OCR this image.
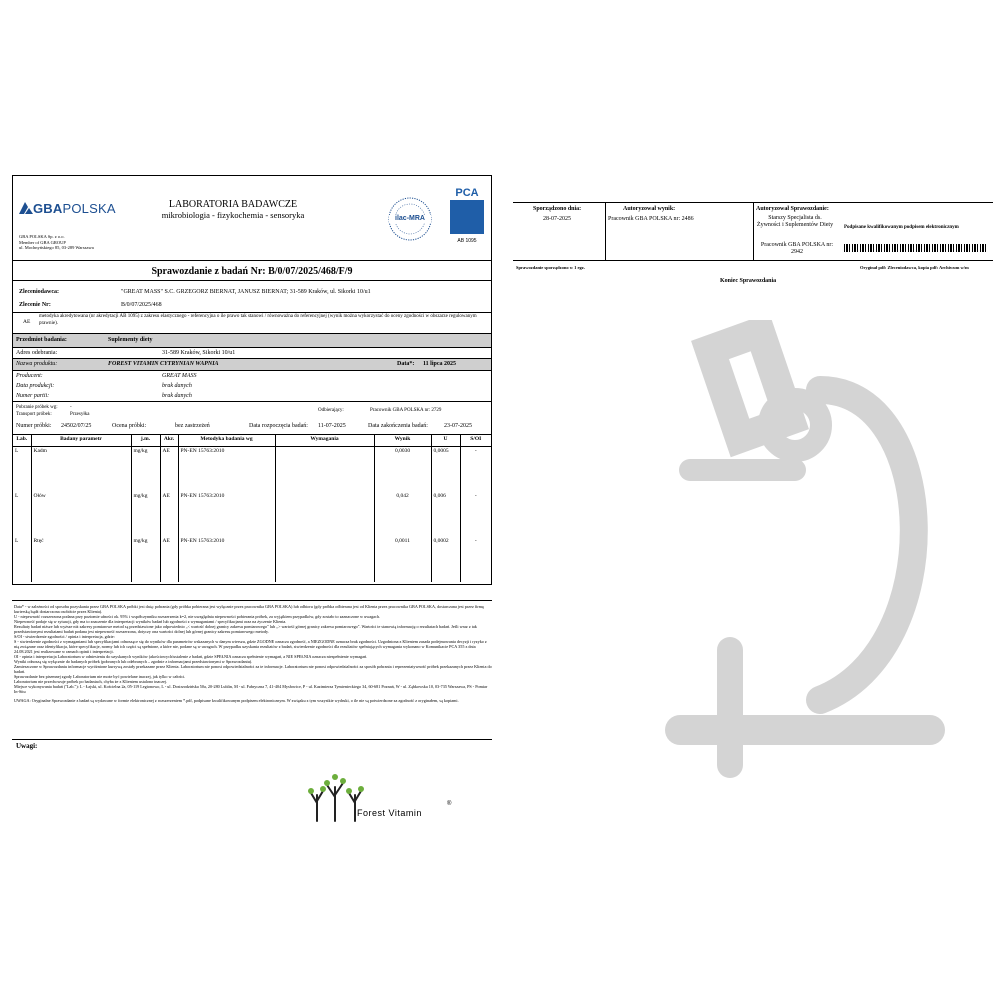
GBAPOLSKA	LABORATORIA BADAWCZE
mikrobiologia - fizykochemia - sensoryka
GBA POLSKA Sp. z o.o.
Member of GBA GROUP
ul. Mochnyńskiego 85, 03-289 Warszawa
ilac-MRA
PCA
AB 1095
Sprawozdanie z badań Nr: B/0/07/2025/468/F/9
Zleceniodawca:	"GREAT MASS" S.C. GRZEGORZ BIERNAT, JANUSZ BIERNAT; 31-589 Kraków, ul. Sikorki 10/u1
Zlecenie Nr:	B/0/07/2025/468
AE
metodyka akredytowana (nr akredytacji AB 1095) z zakresu elastycznego - referencyjna o ile prawo tak stanowi / równoważna do referencyjnej (wynik można wykorzystać do oceny zgodności w obszarze regulowanym prawnie).
Przedmiot badania:	Suplementy diety
Adres odebrania:	31-589 Kraków, Sikorki 10/u1
Nazwa produktu:	FOREST VITAMIN CYTRYNIAN WAPNIA	Data*: 11 lipca 2025
Producent:	GREAT MASS
Data produkcji:	brak danych
Numer partii:	brak danych
Pobranie próbek wg: -
Transport próbek:	Przesyłka
Odbierający:	Pracownik GBA POLSKA nr: 2729
Numer próbki: 24502/07/25	Ocena próbki:	bez zastrzeżeń	Data rozpoczęcia badań: 11-07-2025	Data zakończenia badań:	23-07-2025
Lab.	Badany parametr	j.m.	Akr.	Metodyka badania wg	Wymagania	Wynik	U	S/OI
L	Kadm	mg/kg	AE	PN-EN 15763:2010		0,0030	0,0005	-
L	Ołów	mg/kg	AE	PN-EN 15763:2010		0,042	0,006	-
L	Rtęć	mg/kg	AE	PN-EN 15763:2010		0,0011	0,0002	-
Data* - w zależności od sposobu pozyskania przez GBA POLSKA próbki jest datą: pobrania (gdy próbka pobierana jest wyłącznie przez pracownika GBA POLSKA) lub odbioru (gdy próbka odbierana jest od Klienta przez pracownika GBA POLSKA, dostarczana jest przez firmę kurierską bądź dostarczona osobiście przez Klienta).
U - niepewność rozszerzona podana przy poziomie ufności ok. 95% i współczynniku rozszerzenia k=2, nie uwzględnia niepewności pobierania próbek, za wyjątkiem przypadków, gdy zostało to zaznaczone w uwagach.
Niepewność podaje się w sytuacji, gdy ma to znaczenie dla interpretacji wyników badań lub zgodności z wymaganiami / specyfikacjami oraz na życzenie Klienta.
Rezultaty badań niższe lub wyższe niż zakresy pomiarowe metod są przedstawione jako odpowiednio „< wartość dolnej granicy zakresu pomiarowego" lub „> wartość górnej granicy zakresu pomiarowego". Wartości te stanowią informację o rezultatach badań. Jeśli wraz z tak przedstawionymi rezultatami badań podana jest niepewność rozszerzona, dotyczy ona wartości dolnej lub górnej granicy zakresu pomiarowego metody.
S/OI - stwierdzenie zgodności / opinia i interpretacja, gdzie:
S - stwierdzenie zgodności z wymaganiami lub specyfikacjami odnoszące się do wyników dla parametrów wskazanych w danym wierszu, gdzie ZGODNE oznacza zgodność, a NIEZGODNE oznacza brak zgodności. Uzgodniona z Klientem zasada podejmowania decyzji i ryzyko z nią związane oraz identyfikacja, które specyfikacje, normy lub ich części są spełnione, a które nie, podane są w uwagach. W przypadku uzyskania rezultatów z badań, stwierdzenie zgodności dla rezultatów spełniających wymagania wykonano w Komunikacie PCA 355 z dnia 24.08.2021 jest realizowane w ramach opinii i interpretacji.
OI - opinia i interpretacja Laboratorium w odniesieniu do uzyskanych wyników (akościowych/ustalenie z badań, gdzie SPEŁNIA oznacza spełnienie wymagań, a NIE SPEŁNIA oznacza niespełnienie wymagań.
Wyniki odnoszą się wyłącznie do badanych próbek (pobranych lub odebranych – zgodnie z informacjami przedstawionymi w Sprawozdaniu).
Zamieszczone w Sprawozdaniu informacje wyróżnione kursywą zostały przekazane przez Klienta. Laboratorium nie ponosi odpowiedzialności za te informacje. Laboratorium nie ponosi odpowiedzialności za sposób pobrania i reprezentatywność próbek przekazanych przez Klienta do badań.
Sprawozdanie bez pisemnej zgody Laboratorium nie może być powielane inaczej, jak tylko w całości.
Laboratorium nie przechowuje próbek po badaniach, chyba że z Klientem ustalono inaczej.
Miejsce wykonywania badań ("Lab."): L - Łajski, ul. Kościelna 2a, 05-119 Legionowo, L - ul. Dostrzodzińska 50a, 20-280 Lublin, M - ul. Fabryczna 7, 41-404 Mysłowice, P - ul. Kazimierza Tymienieckiego 34, 60-681 Poznań, W - ul. Ząbkowska 10, 03-735 Warszawa, PS - Pomiar In-Situ
UWAGA: Oryginalne Sprawozdanie z badań są wydawane w formie elektronicznej z rozszerzeniem *.pdf, podpisane kwalifikowanym podpisem elektronicznym. W związku z tym wszystkie wydruki, o ile nie są potwierdzone za zgodność z oryginałem, są kopiami.
Uwagi:
Forest Vitamin
®
Sporządzono dnia:
28-07-2025
Autoryzował wynik:
Pracownik GBA POLSKA nr: 2486
Autoryzował Sprawozdanie:
Starszy Specjalista ds. Żywności i Suplementów Diety
Pracownik GBA POLSKA nr: 2942
Podpisane kwalifikowanym podpisem elektronicznym
Sprawozdanie sporządzono w 1 egz.	Oryginał pdf: Zleceniodawca, kopia pdf: Archiwum w/m
Koniec Sprawozdania
